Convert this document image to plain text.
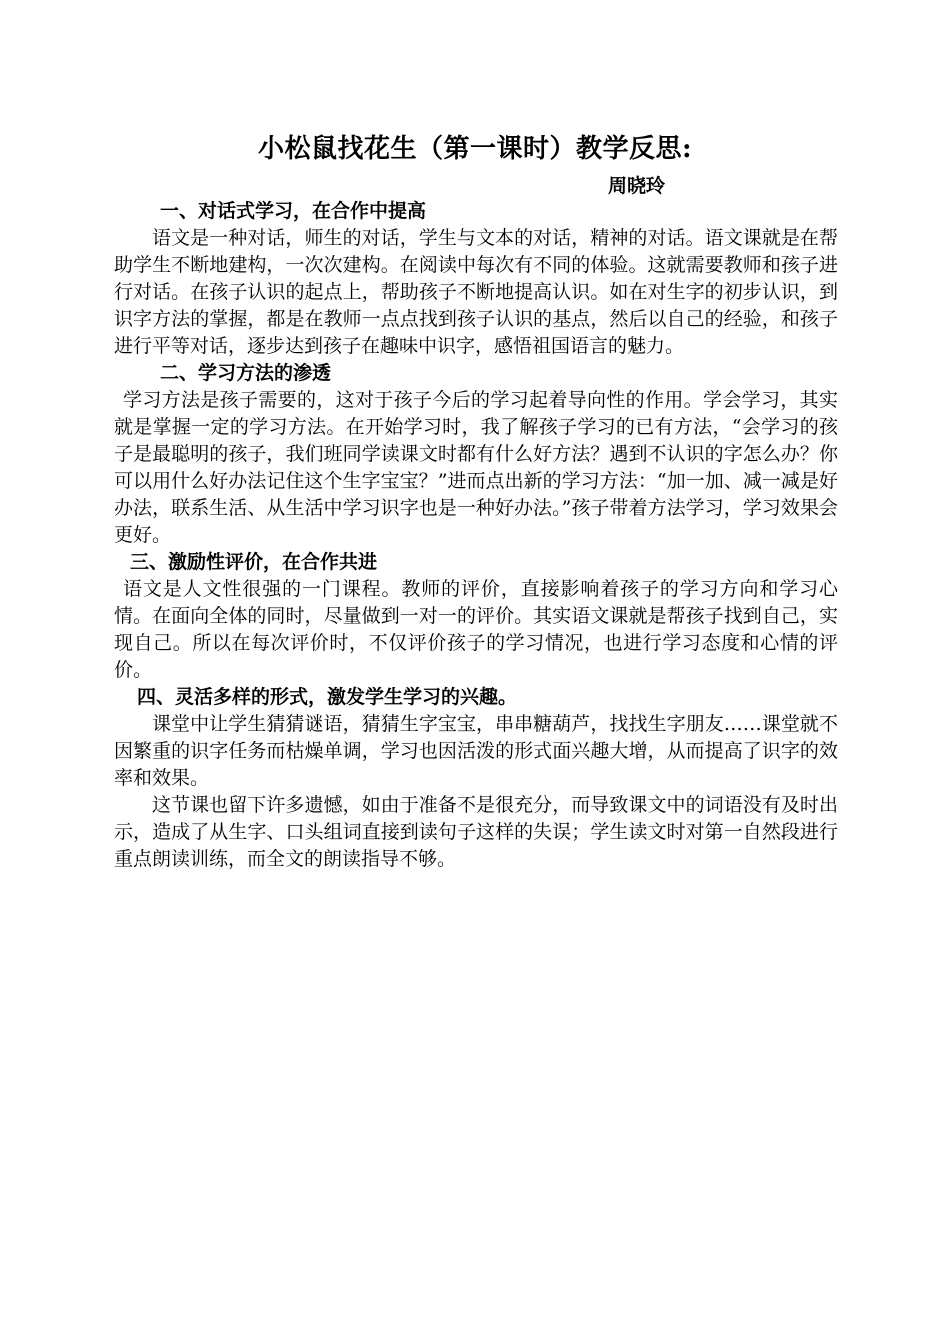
小松鼠找花生（第一课时）教学反思:
周晓玲

一、对话式学习，在合作中提高

语文是一种对话，师生的对话，学生与文本的对话，精神的对话。语文课就是在帮助学生不断地建构，一次次建构。在阅读中每次有不同的体验。这就需要教师和孩子进行对话。在孩子认识的起点上，帮助孩子不断地提高认识。如在对生字的初步认识，到识字方法的掌握，都是在教师一点点找到孩子认识的基点，然后以自己的经验，和孩子进行平等对话，逐步达到孩子在趣味中识字，感悟祖国语言的魅力。

二、学习方法的渗透

学习方法是孩子需要的，这对于孩子今后的学习起着导向性的作用。学会学习，其实就是掌握一定的学习方法。在开始学习时，我了解孩子学习的已有方法，“会学习的孩子是最聪明的孩子，我们班同学读课文时都有什么好方法？遇到不认识的字怎么办？你可以用什么好办法记住这个生字宝宝？”进而点出新的学习方法：“加一加、减一减是好办法，联系生活、从生活中学习识字也是一种好办法。”孩子带着方法学习，学习效果会更好。

三、激励性评价，在合作共进

语文是人文性很强的一门课程。教师的评价，直接影响着孩子的学习方向和学习心情。在面向全体的同时，尽量做到一对一的评价。其实语文课就是帮孩子找到自己，实现自己。所以在每次评价时，不仅评价孩子的学习情况，也进行学习态度和心情的评价。

四、灵活多样的形式，激发学生学习的兴趣。

课堂中让学生猜猜谜语，猜猜生字宝宝，串串糖葫芦，找找生字朋友……课堂就不因繁重的识字任务而枯燥单调，学习也因活泼的形式面兴趣大增，从而提高了识字的效率和效果。

这节课也留下许多遗憾，如由于准备不是很充分，而导致课文中的词语没有及时出示，造成了从生字、口头组词直接到读句子这样的失误；学生读文时对第一自然段进行重点朗读训练，而全文的朗读指导不够。
